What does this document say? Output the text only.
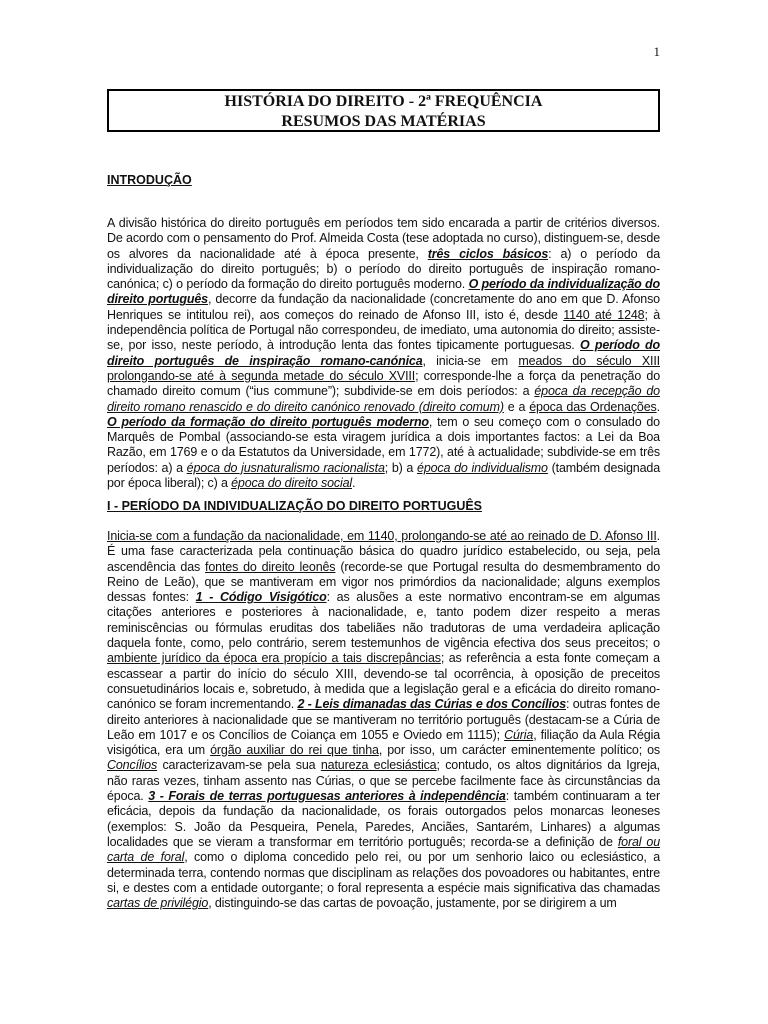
1
HISTÓRIA DO DIREITO - 2ª FREQUÊNCIA
RESUMOS DAS MATÉRIAS
INTRODUÇÃO

A divisão histórica do direito português em períodos tem sido encarada a partir de critérios diversos. De acordo com o pensamento do Prof. Almeida Costa (tese adoptada no curso), distinguem-se, desde os alvores da nacionalidade até à época presente, três ciclos básicos: a) o período da individualização do direito português; b) o período do direito português de inspiração romano-canónica; c) o período da formação do direito português moderno. O período da individualização do direito português, decorre da fundação da nacionalidade (concretamente do ano em que D. Afonso Henriques se intitulou rei), aos começos do reinado de Afonso III, isto é, desde 1140 até 1248; à independência política de Portugal não correspondeu, de imediato, uma autonomia do direito; assiste-se, por isso, neste período, à introdução lenta das fontes tipicamente portuguesas. O período do direito português de inspiração romano-canónica, inicia-se em meados do século XIII prolongando-se até à segunda metade do século XVIII; corresponde-lhe a força da penetração do chamado direito comum (“ius commune”); subdivide-se em dois períodos: a época da recepção do direito romano renascido e do direito canónico renovado (direito comum) e a época das Ordenações. O período da formação do direito português moderno, tem o seu começo com o consulado do Marquês de Pombal (associando-se esta viragem jurídica a dois importantes factos: a Lei da Boa Razão, em 1769 e o da Estatutos da Universidade, em 1772), até à actualidade; subdivide-se em três períodos: a) a época do jusnaturalismo racionalista; b) a época do individualismo (também designada por época liberal); c) a época do direito social.

I - PERÍODO DA INDIVIDUALIZAÇÃO DO DIREITO PORTUGUÊS

Inicia-se com a fundação da nacionalidade, em 1140, prolongando-se até ao reinado de D. Afonso III. É uma fase caracterizada pela continuação básica do quadro jurídico estabelecido, ou seja, pela ascendência das fontes do direito leonês (recorde-se que Portugal resulta do desmembramento do Reino de Leão), que se mantiveram em vigor nos primórdios da nacionalidade; alguns exemplos dessas fontes: 1 - Código Visigótico: as alusões a este normativo encontram-se em algumas citações anteriores e posteriores à nacionalidade, e, tanto podem dizer respeito a meras reminiscências ou fórmulas eruditas dos tabeliães não tradutoras de uma verdadeira aplicação daquela fonte, como, pelo contrário, serem testemunhos de vigência efectiva dos seus preceitos; o ambiente jurídico da época era propício a tais discrepâncias; as referência a esta fonte começam a escassear a partir do início do século XIII, devendo-se tal ocorrência, à oposição de preceitos consuetudinários locais e, sobretudo, à medida que a legislação geral e a eficácia do direito romano-canónico se foram incrementando. 2 - Leis dimanadas das Cúrias e dos Concílios: outras fontes de direito anteriores à nacionalidade que se mantiveram no território português (destacam-se a Cúria de Leão em 1017 e os Concílios de Coiança em 1055 e Oviedo em 1115); Cúria, filiação da Aula Régia visigótica, era um órgão auxiliar do rei que tinha, por isso, um carácter eminentemente político; os Concílios caracterizavam-se pela sua natureza eclesiástica; contudo, os altos dignitários da Igreja, não raras vezes, tinham assento nas Cúrias, o que se percebe facilmente face às circunstâncias da época. 3 - Forais de terras portuguesas anteriores à independência: também continuaram a ter eficácia, depois da fundação da nacionalidade, os forais outorgados pelos monarcas leoneses (exemplos: S. João da Pesqueira, Penela, Paredes, Anciães, Santarém, Linhares) a algumas localidades que se vieram a transformar em território português; recorda-se a definição de foral ou carta de foral, como o diploma concedido pelo rei, ou por um senhorio laico ou eclesiástico, a determinada terra, contendo normas que disciplinam as relações dos povoadores ou habitantes, entre si, e destes com a entidade outorgante; o foral representa a espécie mais significativa das chamadas cartas de privilégio, distinguindo-se das cartas de povoação, justamente, por se dirigirem a um
